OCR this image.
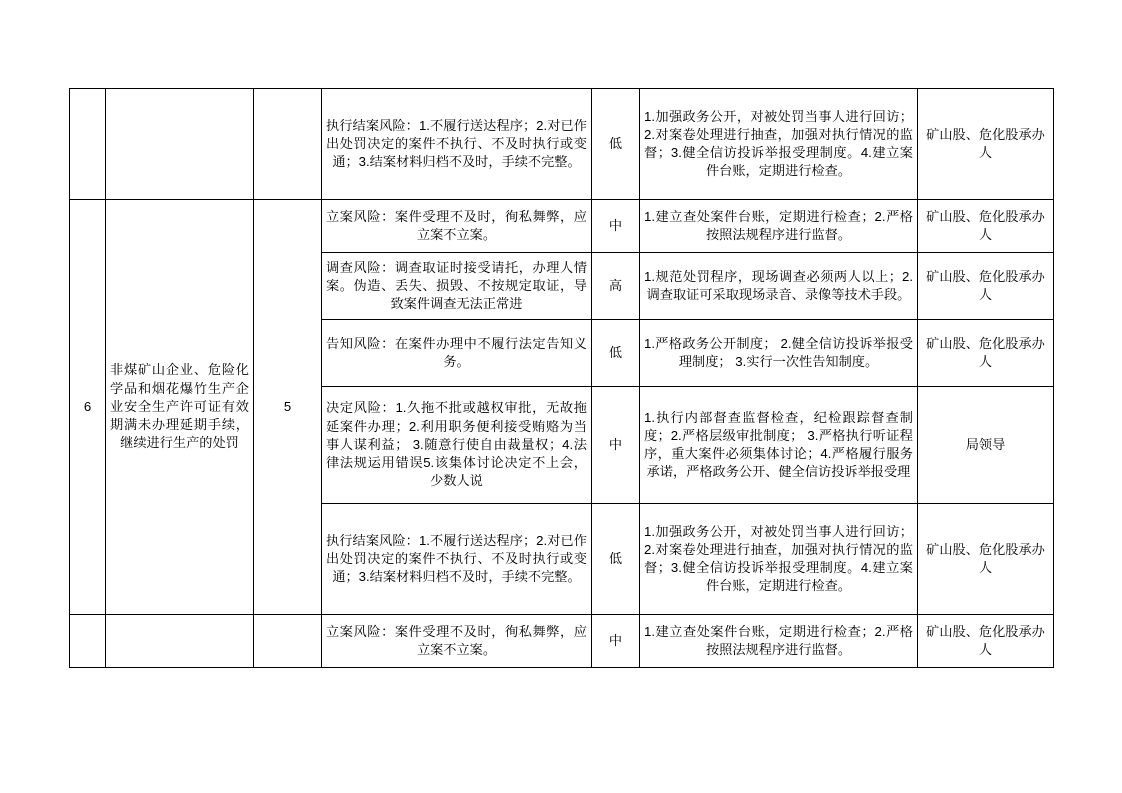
			执行结案风险：1.不履行送达程序；2.对已作出处罚决定的案件不执行、不及时执行或变通；3.结案材料归档不及时，手续不完整。	低	1.加强政务公开，对被处罚当事人进行回访；2.对案卷处理进行抽查，加强对执行情况的监督；3.健全信访投诉举报受理制度。4.建立案件台账，定期进行检查。	矿山股、危化股承办人
6	非煤矿山企业、危险化学品和烟花爆竹生产企业安全生产许可证有效期满未办理延期手续，继续进行生产的处罚	5	立案风险：案件受理不及时，徇私舞弊，应立案不立案。	中	1.建立查处案件台账，定期进行检查；2.严格按照法规程序进行监督。	矿山股、危化股承办人
			调查风险：调查取证时接受请托，办理人情案。伪造、丢失、损毁、不按规定取证，导致案件调查无法正常进	高	1.规范处罚程序，现场调查必须两人以上；2.调查取证可采取现场录音、录像等技术手段。	矿山股、危化股承办人
			告知风险：在案件办理中不履行法定告知义务。	低	1.严格政务公开制度； 2.健全信访投诉举报受理制度； 3.实行一次性告知制度。	矿山股、危化股承办人
			决定风险：1.久拖不批或越权审批，无故拖延案件办理；2.利用职务便利接受贿赂为当事人谋利益； 3.随意行使自由裁量权；4.法律法规运用错误5.该集体讨论决定不上会，少数人说	中	1.执行内部督查监督检查，纪检跟踪督查制度；2.严格层级审批制度； 3.严格执行听证程序，重大案件必须集体讨论；4.严格履行服务承诺，严格政务公开、健全信访投诉举报受理	局领导
			执行结案风险：1.不履行送达程序；2.对已作出处罚决定的案件不执行、不及时执行或变通；3.结案材料归档不及时，手续不完整。	低	1.加强政务公开，对被处罚当事人进行回访；2.对案卷处理进行抽查，加强对执行情况的监督；3.健全信访投诉举报受理制度。4.建立案件台账，定期进行检查。	矿山股、危化股承办人
			立案风险：案件受理不及时，徇私舞弊，应立案不立案。	中	1.建立查处案件台账，定期进行检查；2.严格按照法规程序进行监督。	矿山股、危化股承办人
